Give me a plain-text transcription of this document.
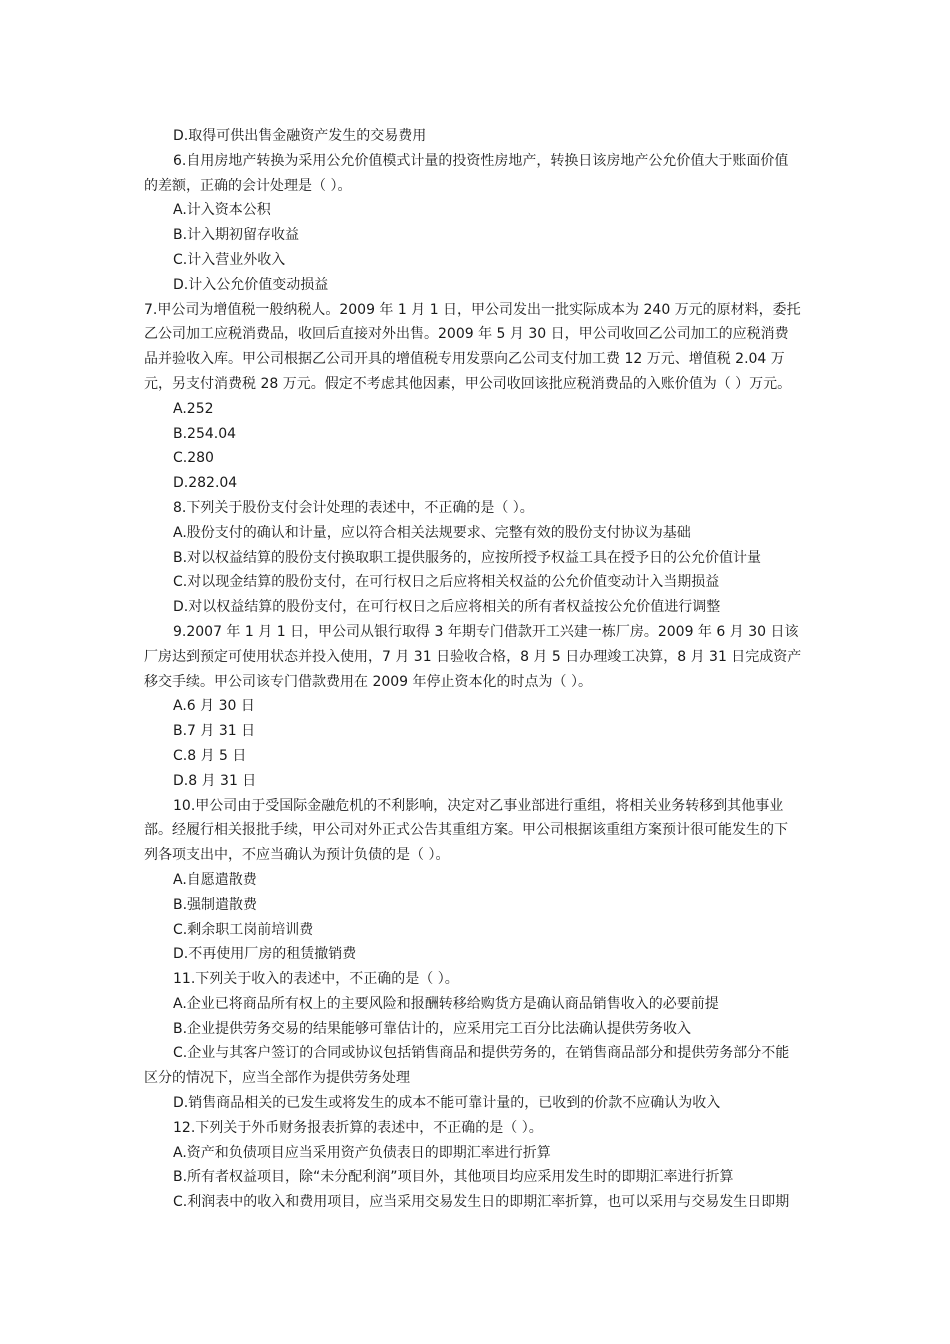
D.取得可供出售金融资产发生的交易费用

6.自用房地产转换为采用公允价值模式计量的投资性房地产，转换日该房地产公允价值大于账面价值

的差额，正确的会计处理是（ ）。

A.计入资本公积

B.计入期初留存收益

C.计入营业外收入

D.计入公允价值变动损益

7.甲公司为增值税一般纳税人。2009 年 1 月 1 日，甲公司发出一批实际成本为 240 万元的原材料，委托

乙公司加工应税消费品，收回后直接对外出售。2009 年 5 月 30 日，甲公司收回乙公司加工的应税消费

品并验收入库。甲公司根据乙公司开具的增值税专用发票向乙公司支付加工费 12 万元、增值税 2.04 万

元，另支付消费税 28 万元。假定不考虑其他因素，甲公司收回该批应税消费品的入账价值为（ ）万元。

A.252

B.254.04

C.280

D.282.04

8.下列关于股份支付会计处理的表述中，不正确的是（ ）。

A.股份支付的确认和计量，应以符合相关法规要求、完整有效的股份支付协议为基础

B.对以权益结算的股份支付换取职工提供服务的，应按所授予权益工具在授予日的公允价值计量

C.对以现金结算的股份支付，在可行权日之后应将相关权益的公允价值变动计入当期损益

D.对以权益结算的股份支付，在可行权日之后应将相关的所有者权益按公允价值进行调整

9.2007 年 1 月 1 日，甲公司从银行取得 3 年期专门借款开工兴建一栋厂房。2009 年 6 月 30 日该

厂房达到预定可使用状态并投入使用，7 月 31 日验收合格，8 月 5 日办理竣工决算，8 月 31 日完成资产

移交手续。甲公司该专门借款费用在 2009 年停止资本化的时点为（ ）。

A.6 月 30 日

B.7 月 31 日

C.8 月 5 日

D.8 月 31 日

10.甲公司由于受国际金融危机的不利影响，决定对乙事业部进行重组，将相关业务转移到其他事业

部。经履行相关报批手续，甲公司对外正式公告其重组方案。甲公司根据该重组方案预计很可能发生的下

列各项支出中，不应当确认为预计负债的是（ ）。

A.自愿遣散费

B.强制遣散费

C.剩余职工岗前培训费

D.不再使用厂房的租赁撤销费

11.下列关于收入的表述中，不正确的是（ ）。

A.企业已将商品所有权上的主要风险和报酬转移给购货方是确认商品销售收入的必要前提

B.企业提供劳务交易的结果能够可靠估计的，应采用完工百分比法确认提供劳务收入

C.企业与其客户签订的合同或协议包括销售商品和提供劳务的，在销售商品部分和提供劳务部分不能

区分的情况下，应当全部作为提供劳务处理

D.销售商品相关的已发生或将发生的成本不能可靠计量的，已收到的价款不应确认为收入

12.下列关于外币财务报表折算的表述中，不正确的是（ ）。

A.资产和负债项目应当采用资产负债表日的即期汇率进行折算

B.所有者权益项目，除“未分配利润”项目外，其他项目均应采用发生时的即期汇率进行折算

C.利润表中的收入和费用项目，应当采用交易发生日的即期汇率折算，也可以采用与交易发生日即期
